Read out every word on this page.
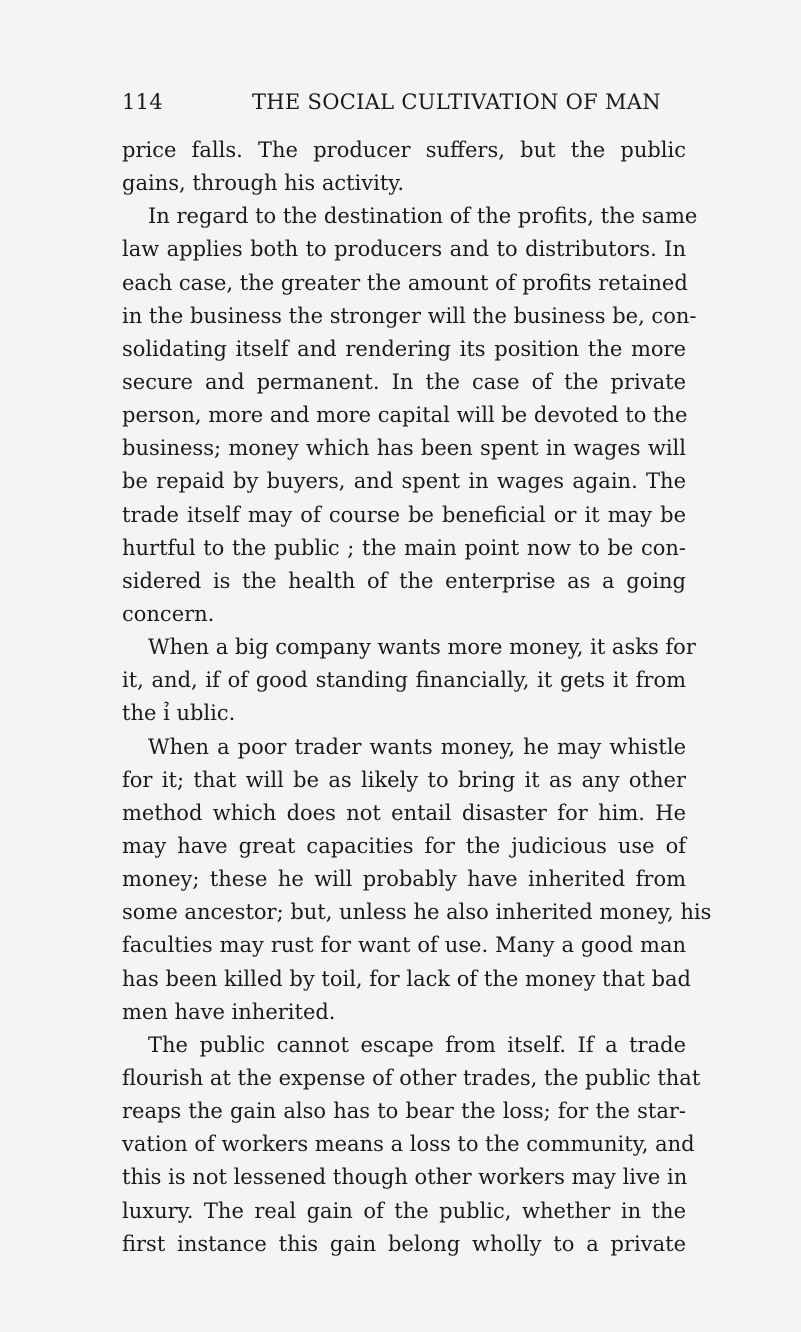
114	THE SOCIAL CULTIVATION OF MAN
price falls. The producer suffers, but the public
gains, through his activity.
In regard to the destination of the profits, the same
law applies both to producers and to distributors. In
each case, the greater the amount of profits retained
in the business the stronger will the business be, con-
solidating itself and rendering its position the more
secure and permanent. In the case of the private
person, more and more capital will be devoted to the
business; money which has been spent in wages will
be repaid by buyers, and spent in wages again. The
trade itself may of course be beneficial or it may be
hurtful to the public ; the main point now to be con-
sidered is the health of the enterprise as a going
concern.
When a big company wants more money, it asks for
it, and, if of good standing financially, it gets it from
the ỉ ublic.
When a poor trader wants money, he may whistle
for it; that will be as likely to bring it as any other
method which does not entail disaster for him. He
may have great capacities for the judicious use of
money; these he will probably have inherited from
some ancestor; but, unless he also inherited money, his
faculties may rust for want of use. Many a good man
has been killed by toil, for lack of the money that bad
men have inherited.
The public cannot escape from itself. If a trade
flourish at the expense of other trades, the public that
reaps the gain also has to bear the loss; for the star-
vation of workers means a loss to the community, and
this is not lessened though other workers may live in
luxury. The real gain of the public, whether in the
first instance this gain belong wholly to a private
